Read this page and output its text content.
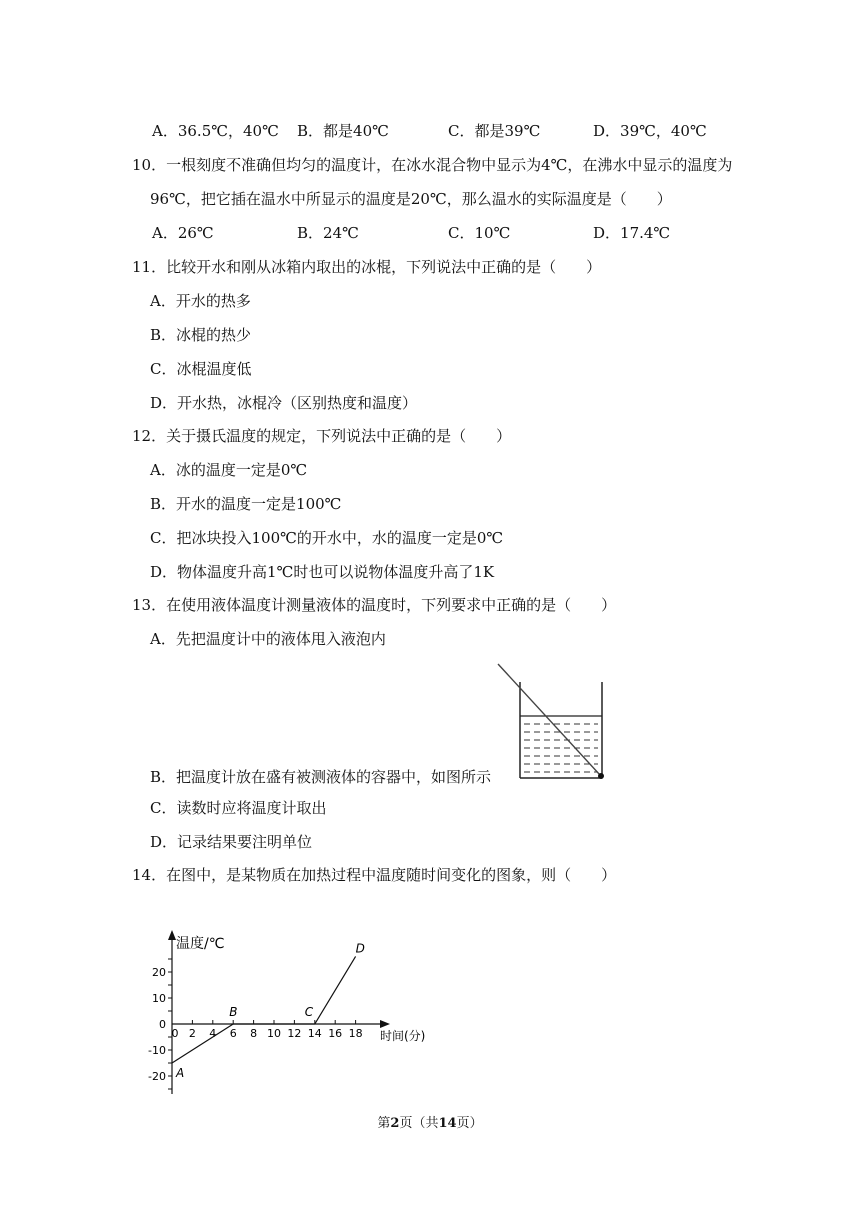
A．36.5℃，40℃ B．都是40℃	C．都是39℃	D．39℃，40℃
10．一根刻度不准确但均匀的温度计，在冰水混合物中显示为4℃，在沸水中显示的温度为
96℃，把它插在温水中所显示的温度是20℃，那么温水的实际温度是（　　）
A．26℃	B．24℃	C．10℃	D．17.4℃
11．比较开水和刚从冰箱内取出的冰棍，下列说法中正确的是（　　）
A．开水的热多
B．冰棍的热少
C．冰棍温度低
D．开水热，冰棍冷（区别热度和温度）
12．关于摄氏温度的规定，下列说法中正确的是（　　）
A．冰的温度一定是0℃
B．开水的温度一定是100℃
C．把冰块投入100℃的开水中，水的温度一定是0℃
D．物体温度升高1℃时也可以说物体温度升高了1K
13．在使用液体温度计测量液体的温度时，下列要求中正确的是（　　）
A．先把温度计中的液体甩入液泡内
B．把温度计放在盛有被测液体的容器中，如图所示
C．读数时应将温度计取出
D．记录结果要注明单位
14．在图中，是某物质在加热过程中温度随时间变化的图象，则（　　）
温度/℃
时间(分)
0 2 4 6 8 10 12 14 16 18
20
10
0
-10
-20 A
B	C
D
第2页（共14页）
